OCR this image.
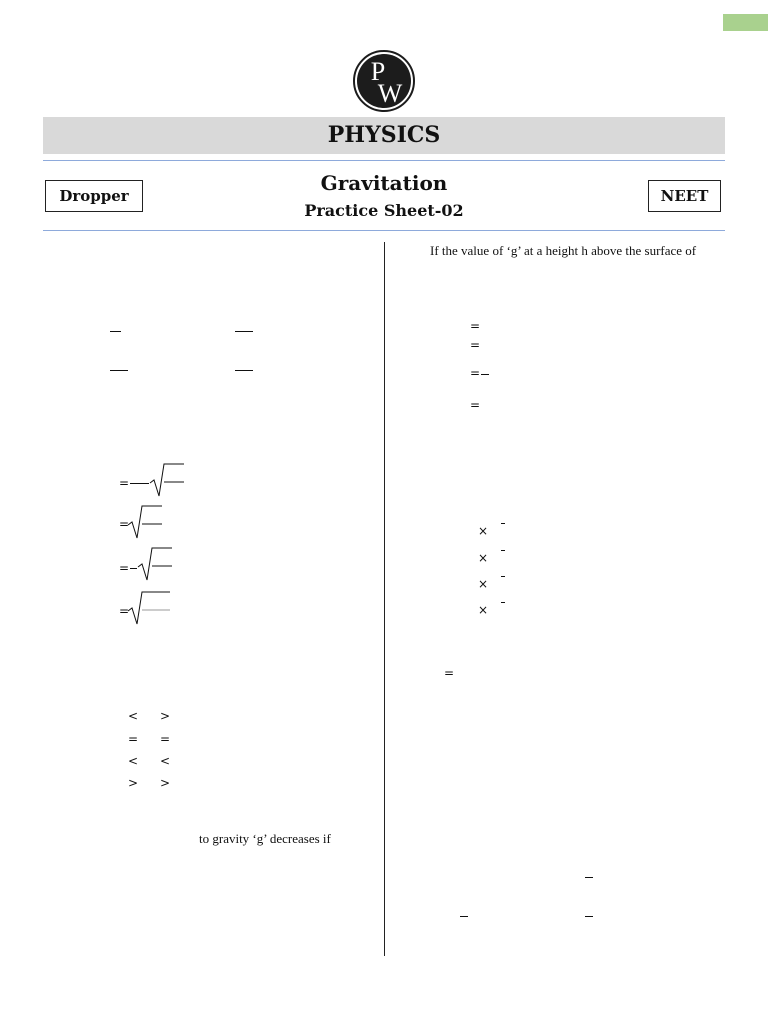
P
W
PHYSICS
Dropper	NEET
Gravitation
Practice Sheet-02
=
=
=
=
< >
= =
< <
> >
to gravity ‘g’ decreases if
If the value of ‘g’ at a height h above the surface of
=
=
=
=
×
×
×
×
=
